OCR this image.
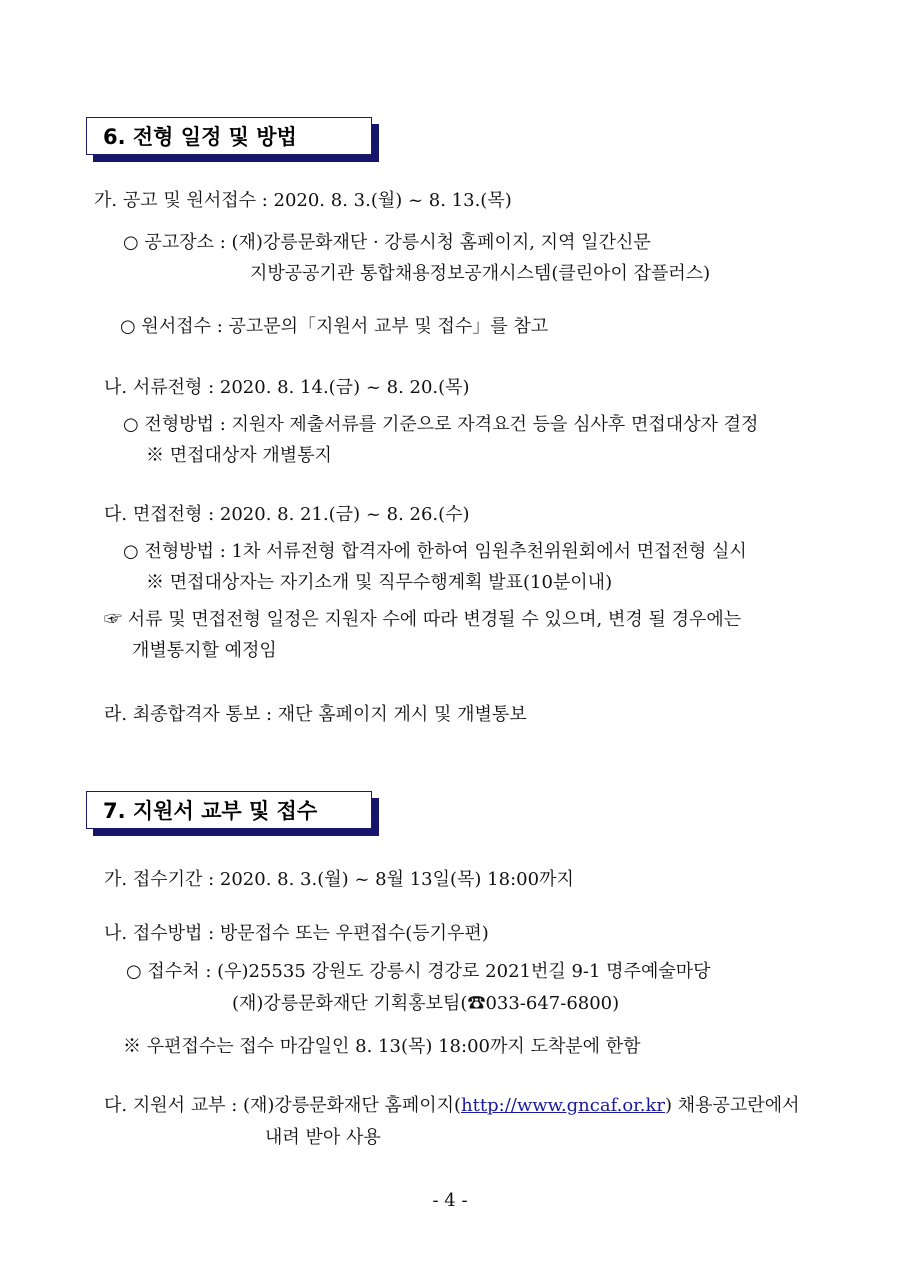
6. 전형 일정 및 방법
가. 공고 및 원서접수 : 2020. 8. 3.(월) ~ 8. 13.(목)
○ 공고장소 : (재)강릉문화재단 · 강릉시청 홈페이지, 지역 일간신문
지방공공기관 통합채용정보공개시스템(클린아이 잡플러스)
○ 원서접수 : 공고문의「지원서 교부 및 접수」를 참고
나. 서류전형 : 2020. 8. 14.(금) ~ 8. 20.(목)
○ 전형방법 : 지원자 제출서류를 기준으로 자격요건 등을 심사후 면접대상자 결정
※ 면접대상자 개별통지
다. 면접전형 : 2020. 8. 21.(금) ~ 8. 26.(수)
○ 전형방법 : 1차 서류전형 합격자에 한하여 임원추천위원회에서 면접전형 실시
※ 면접대상자는 자기소개 및 직무수행계획 발표(10분이내)
☞ 서류 및 면접전형 일정은 지원자 수에 따라 변경될 수 있으며, 변경 될 경우에는
개별통지할 예정임
라. 최종합격자 통보 : 재단 홈페이지 게시 및 개별통보
7. 지원서 교부 및 접수
가. 접수기간 : 2020. 8. 3.(월) ~ 8월 13일(목) 18:00까지
나. 접수방법 : 방문접수 또는 우편접수(등기우편)
○ 접수처 : (우)25535 강원도 강릉시 경강로 2021번길 9-1 명주예술마당
(재)강릉문화재단 기획홍보팀(☎033-647-6800)
※ 우편접수는 접수 마감일인 8. 13(목) 18:00까지 도착분에 한함
다. 지원서 교부 : (재)강릉문화재단 홈페이지(http://www.gncaf.or.kr) 채용공고란에서
내려 받아 사용
- 4 -
